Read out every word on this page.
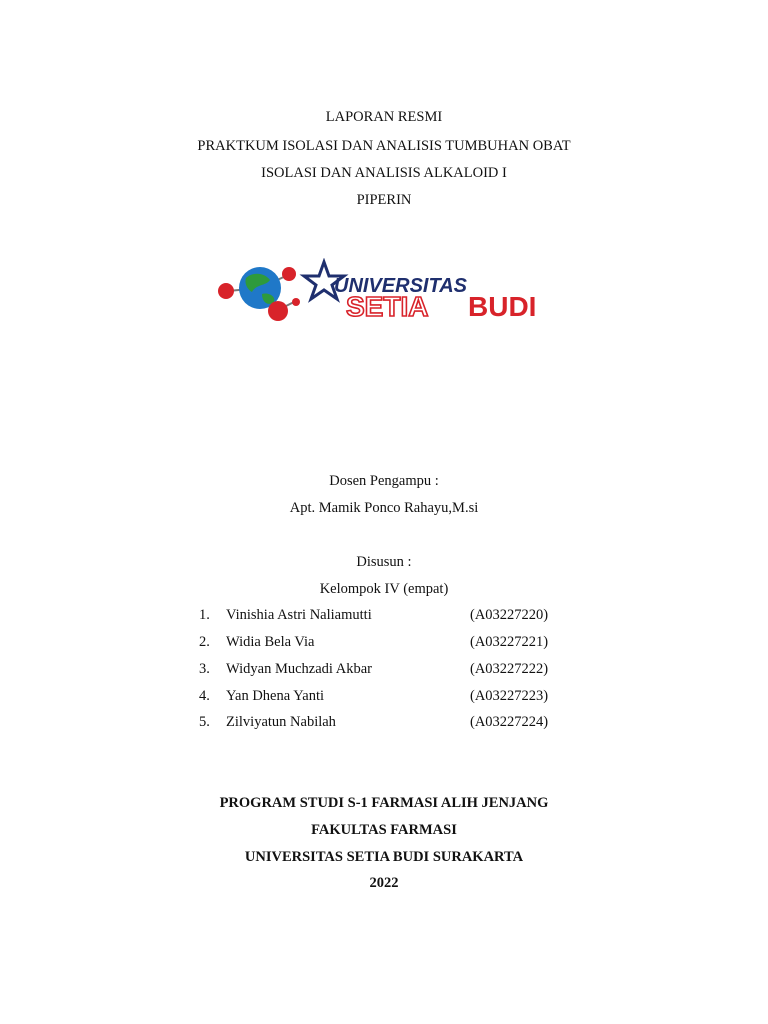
LAPORAN RESMI
PRAKTKUM ISOLASI DAN ANALISIS TUMBUHAN OBAT
ISOLASI DAN ANALISIS ALKALOID I
PIPERIN
UNIVERSITAS
SETIA BUDI
Dosen Pengampu :
Apt. Mamik Ponco Rahayu,M.si
Disusun :
Kelompok IV (empat)
1. Vinishia Astri Naliamutti	(A03227220)
2. Widia Bela Via	(A03227221)
3. Widyan Muchzadi Akbar	(A03227222)
4. Yan Dhena Yanti	(A03227223)
5. Zilviyatun Nabilah	(A03227224)
PROGRAM STUDI S-1 FARMASI ALIH JENJANG
FAKULTAS FARMASI
UNIVERSITAS SETIA BUDI SURAKARTA
2022
